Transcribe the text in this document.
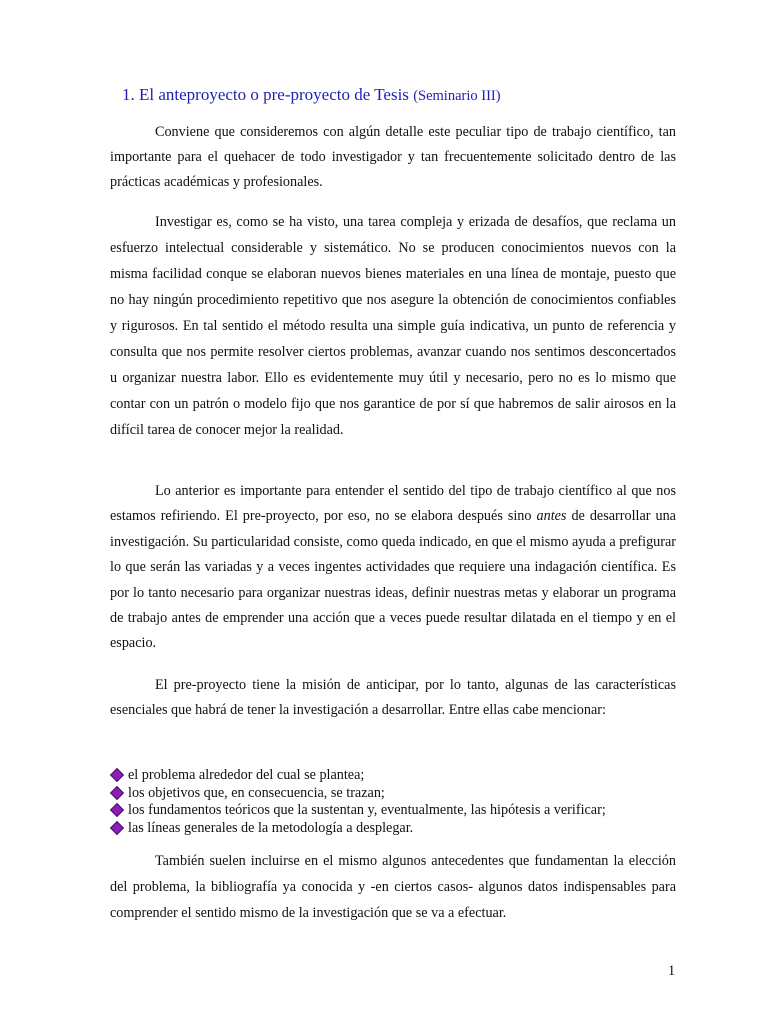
1. El anteproyecto o pre-proyecto de Tesis (Seminario III)

Conviene que consideremos con algún detalle este peculiar tipo de trabajo científico, tan importante para el quehacer de todo investigador y tan frecuentemente solicitado dentro de las prácticas académicas y profesionales.

Investigar es, como se ha visto, una tarea compleja y erizada de desafíos, que reclama un esfuerzo intelectual considerable y sistemático. No se producen conocimientos nuevos con la misma facilidad conque se elaboran nuevos bienes materiales en una línea de montaje, puesto que no hay ningún procedimiento repetitivo que nos asegure la obtención de conocimientos confiables y rigurosos. En tal sentido el método resulta una simple guía indicativa, un punto de referencia y consulta que nos permite resolver ciertos problemas, avanzar cuando nos sentimos desconcertados u organizar nuestra labor. Ello es evidentemente muy útil y necesario, pero no es lo mismo que contar con un patrón o modelo fijo que nos garantice de por sí que habremos de salir airosos en la difícil tarea de conocer mejor la realidad.

Lo anterior es importante para entender el sentido del tipo de trabajo científico al que nos estamos refiriendo. El pre-proyecto, por eso, no se elabora después sino antes de desarrollar una investigación. Su particularidad consiste, como queda indicado, en que el mismo ayuda a prefigurar lo que serán las variadas y a veces ingentes actividades que requiere una indagación científica. Es por lo tanto necesario para organizar nuestras ideas, definir nuestras metas y elaborar un programa de trabajo antes de emprender una acción que a veces puede resultar dilatada en el tiempo y en el espacio.

El pre-proyecto tiene la misión de anticipar, por lo tanto, algunas de las características esenciales que habrá de tener la investigación a desarrollar. Entre ellas cabe mencionar:

el problema alrededor del cual se plantea;
los objetivos que, en consecuencia, se trazan;
los fundamentos teóricos que la sustentan y, eventualmente, las hipótesis a verificar;
las líneas generales de la metodología a desplegar.

También suelen incluirse en el mismo algunos antecedentes que fundamentan la elección del problema, la bibliografía ya conocida y -en ciertos casos- algunos datos indispensables para comprender el sentido mismo de la investigación que se va a efectuar.

1
